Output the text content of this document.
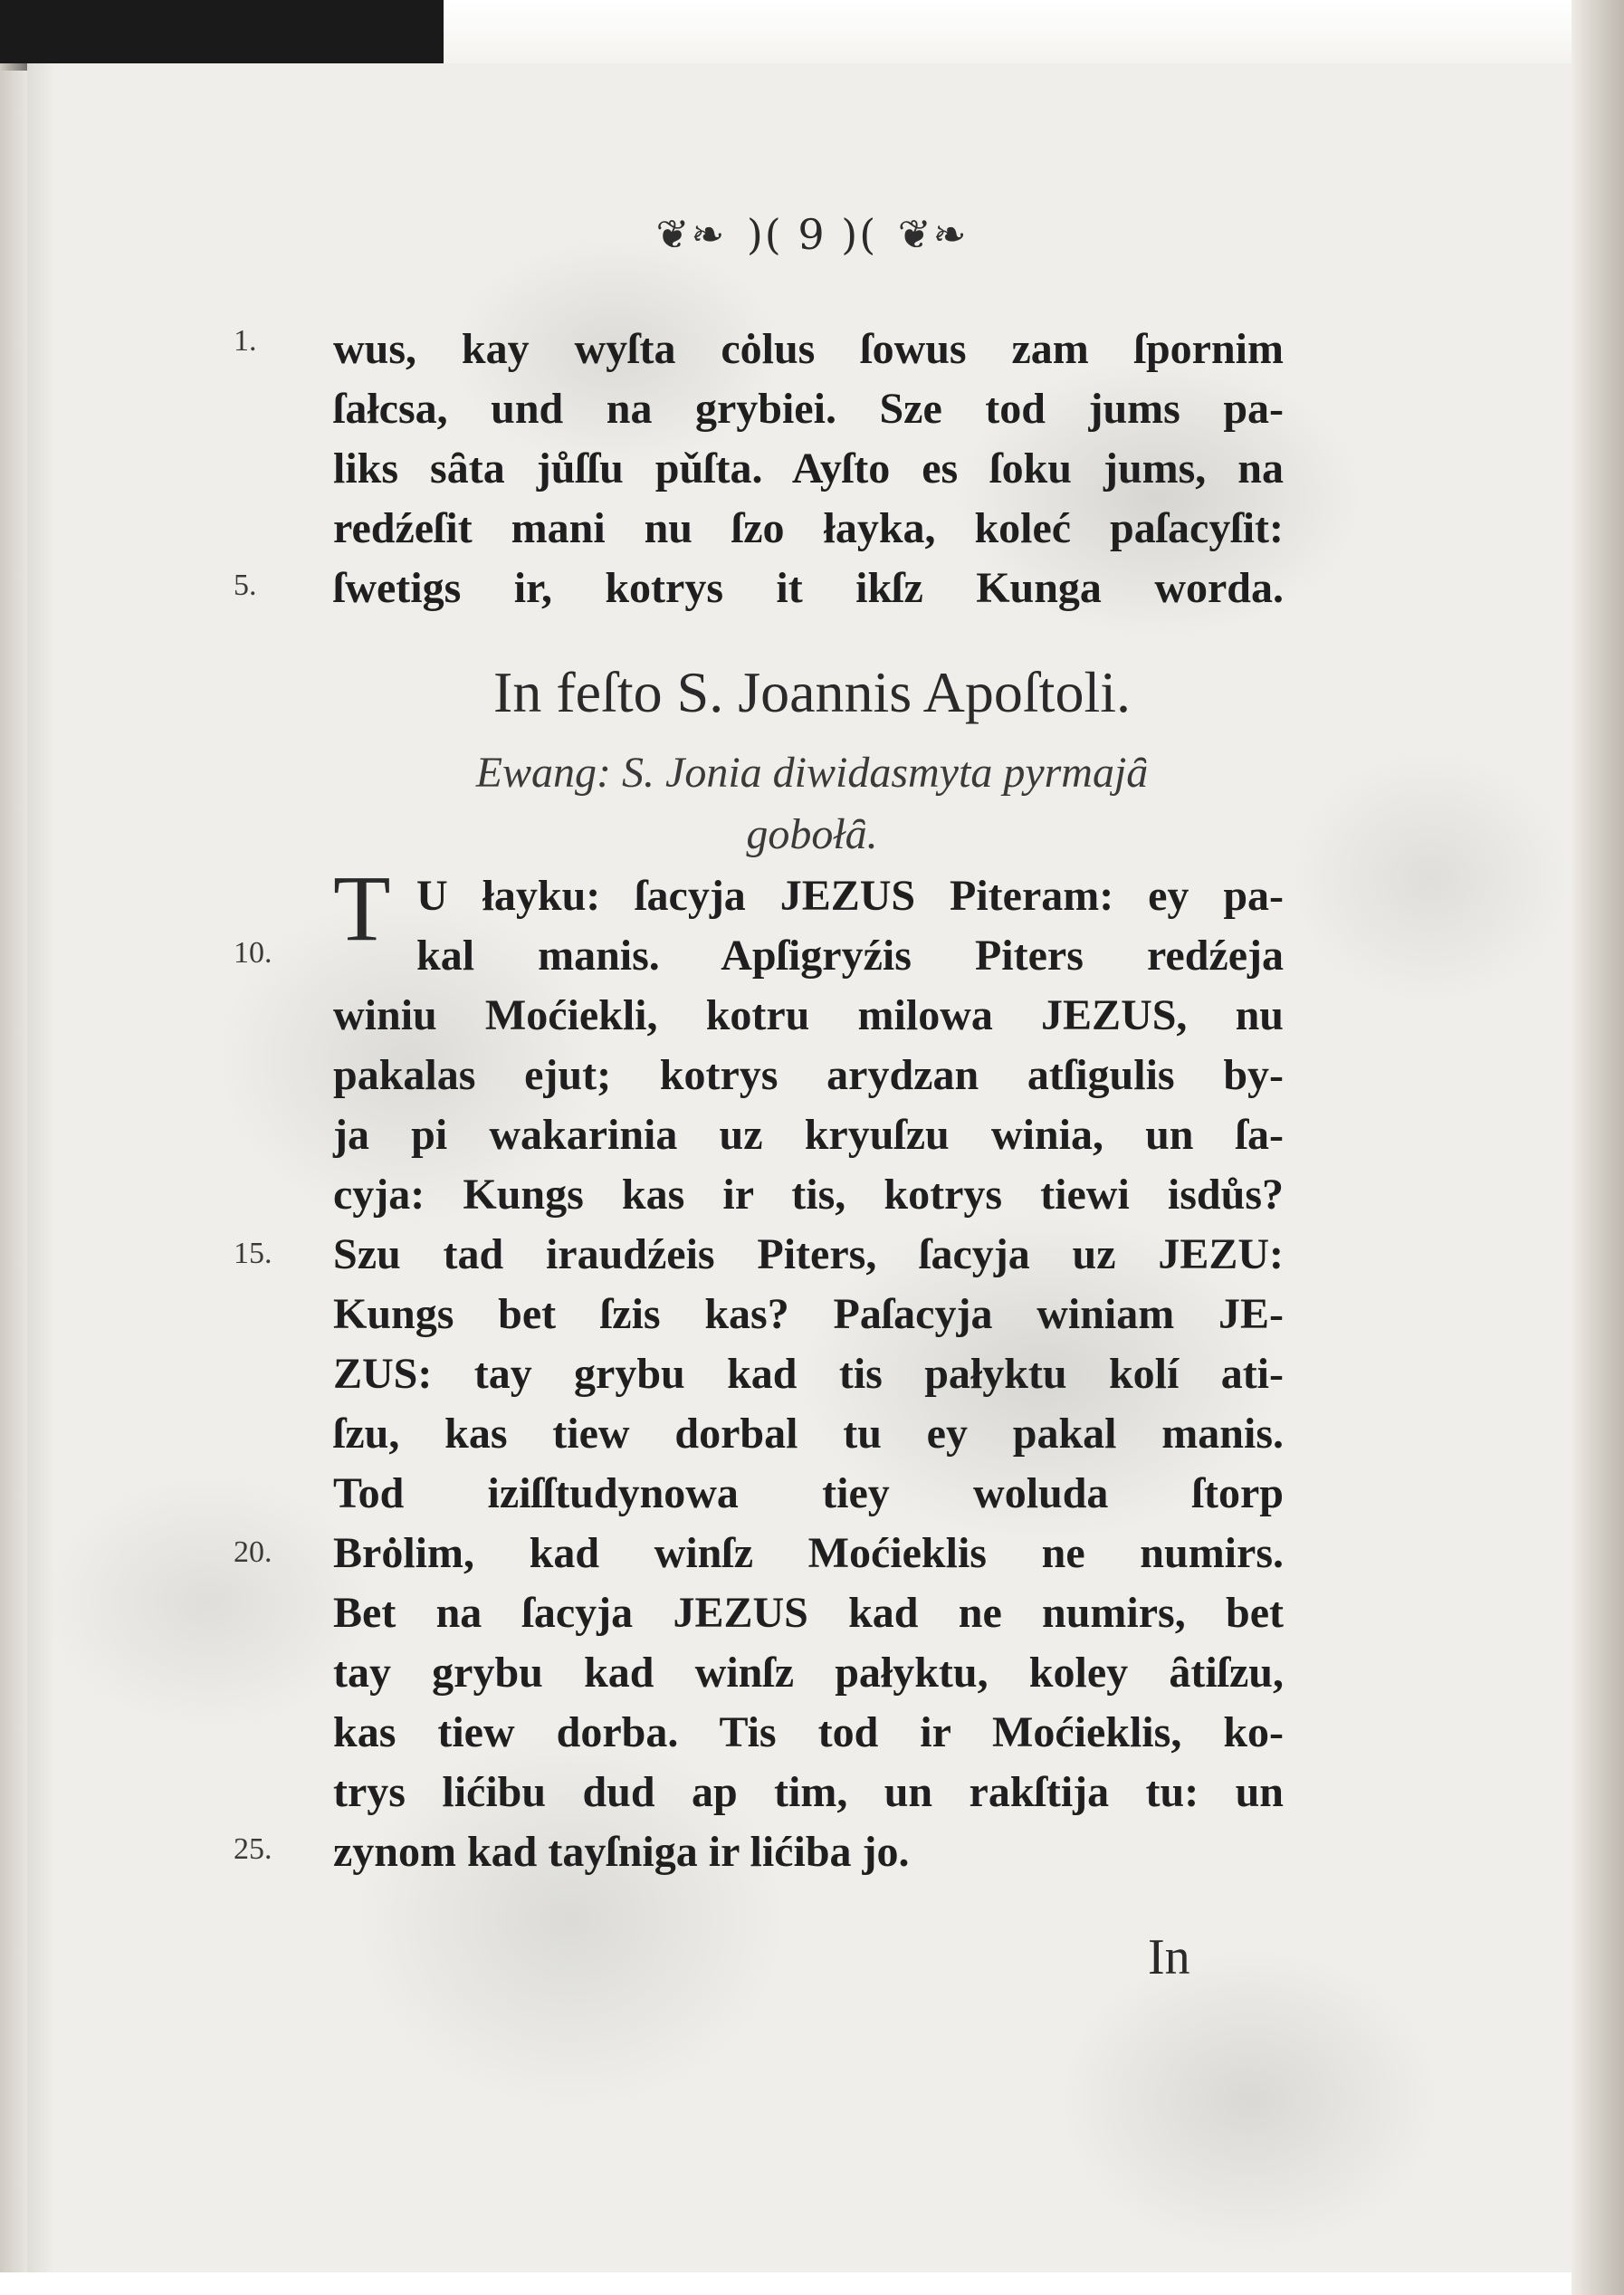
❦❧ )( 9 )( ❦❧
1.
5.
10.
15.
20.
25.
wus, kay wyſta cȯlus ſowus zam ſpornim
ſałcsa, und na grybiei. Sze tod jums pa-
liks sȃta jůſſu pǔſta. Ayſto es ſoku jums, na
redźeſit mani nu ſzo łayka, koleć paſacyſit:
ſwetigs ir, kotrys it ikſz Kunga worda.
In feſto S. Joannis Apoſtoli.
Ewang: S. Jonia diwidasmyta pyrmajȃ
gobołȃ.
T U łayku: ſacyja JEZUS Piteram: ey pa-
kal manis. Apſigryźis Piters redźeja
winiu Moćiekli, kotru milowa JEZUS, nu
pakalas ejut; kotrys arydzan atſigulis by-
ja pi wakarinia uz kryuſzu winia, un ſa-
cyja: Kungs kas ir tis, kotrys tiewi isdůs?
Szu tad iraudźeis Piters, ſacyja uz JEZU:
Kungs bet ſzis kas? Paſacyja winiam JE-
ZUS: tay grybu kad tis pałyktu kolí ati-
ſzu, kas tiew dorbal tu ey pakal manis.
Tod iziſſtudynowa tiey woluda ſtorp
Brȯlim, kad winſz Moćieklis ne numirs.
Bet na ſacyja JEZUS kad ne numirs, bet
tay grybu kad winſz pałyktu, koley ȃtiſzu,
kas tiew dorba. Tis tod ir Moćieklis, ko-
trys lićibu dud ap tim, un rakſtija tu: un
zynom kad tayſniga ir lićiba jo.
In
